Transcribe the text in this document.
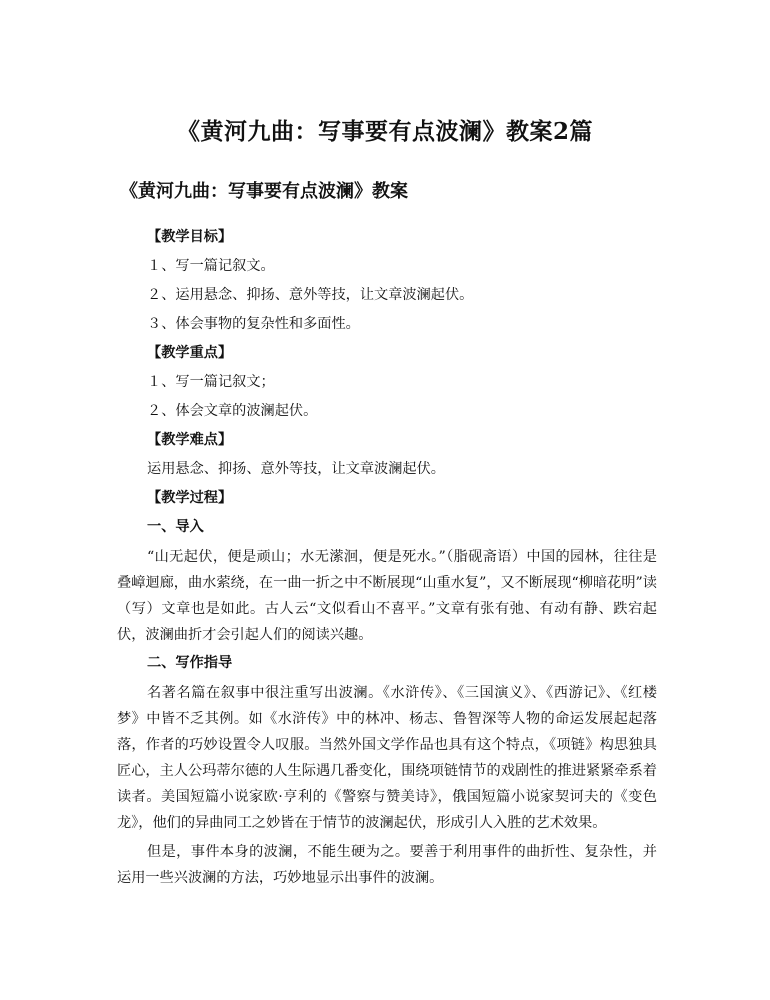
《黄河九曲：写事要有点波澜》教案2篇
《黄河九曲：写事要有点波澜》教案
【教学目标】
１、写一篇记叙文。
２、运用悬念、抑扬、意外等技，让文章波澜起伏。
３、体会事物的复杂性和多面性。
【教学重点】
１、写一篇记叙文；
２、体会文章的波澜起伏。
【教学难点】
运用悬念、抑扬、意外等技，让文章波澜起伏。
【教学过程】
一、导入

“山无起伏，便是顽山；水无潆洄，便是死水。”（脂砚斋语）中国的园林，往往是叠嶂迴廊，曲水萦绕，在一曲一折之中不断展现“山重水复”，又不断展现“柳暗花明”读（写）文章也是如此。古人云“文似看山不喜平。”文章有张有弛、有动有静、跌宕起伏，波澜曲折才会引起人们的阅读兴趣。

二、写作指导

名著名篇在叙事中很注重写出波澜。《水浒传》、《三国演义》、《西游记》、《红楼梦》中皆不乏其例。如《水浒传》中的林冲、杨志、鲁智深等人物的命运发展起起落落，作者的巧妙设置令人叹服。当然外国文学作品也具有这个特点，《项链》构思独具匠心，主人公玛蒂尔德的人生际遇几番变化，围绕项链情节的戏剧性的推进紧紧牵系着读者。美国短篇小说家欧·亨利的《警察与赞美诗》，俄国短篇小说家契诃夫的《变色龙》，他们的异曲同工之妙皆在于情节的波澜起伏，形成引人入胜的艺术效果。

但是，事件本身的波澜，不能生硬为之。要善于利用事件的曲折性、复杂性，并运用一些兴波澜的方法，巧妙地显示出事件的波澜。
